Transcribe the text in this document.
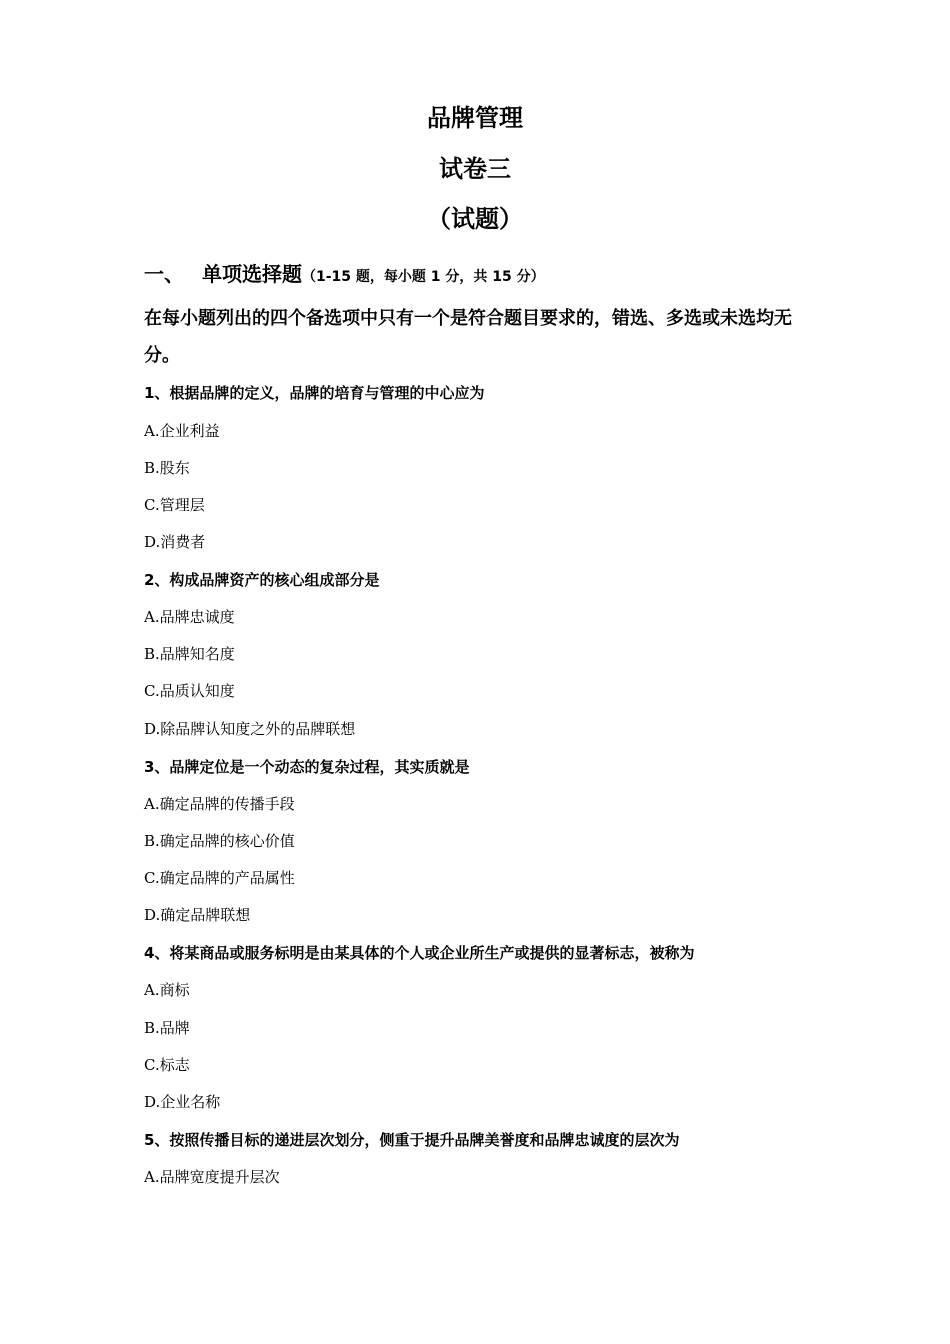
品牌管理
试卷三
（试题）
一、 单项选择题（1-15 题，每小题 1 分，共 15 分）
在每小题列出的四个备选项中只有一个是符合题目要求的，错选、多选或未选均无分。
1、根据品牌的定义，品牌的培育与管理的中心应为
A.企业利益
B.股东
C.管理层
D.消费者
2、构成品牌资产的核心组成部分是
A.品牌忠诚度
B.品牌知名度
C.品质认知度
D.除品牌认知度之外的品牌联想
3、品牌定位是一个动态的复杂过程，其实质就是
A.确定品牌的传播手段
B.确定品牌的核心价值
C.确定品牌的产品属性
D.确定品牌联想
4、将某商品或服务标明是由某具体的个人或企业所生产或提供的显著标志，被称为
A.商标
B.品牌
C.标志
D.企业名称
5、按照传播目标的递进层次划分，侧重于提升品牌美誉度和品牌忠诚度的层次为
A.品牌宽度提升层次
